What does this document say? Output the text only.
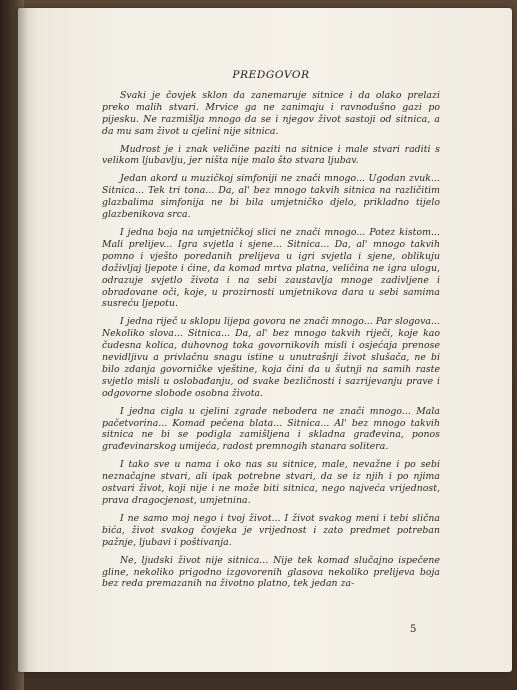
PREDGOVOR

Svaki je čovjek sklon da zanemaruje sitnice i da olako prelazi preko malih stvari. Mrvice ga ne zanimaju i ravnodušno gazi po pijesku. Ne razmišlja mnogo da se i njegov život sastoji od sitnica, a da mu sam život u cjelini nije sitnica.

Mudrost je i znak veličine paziti na sitnice i male stvari raditi s velikom ljubavlju, jer ništa nije malo što stvara ljubav.

Jedan akord u muzičkoj simfoniji ne znači mnogo... Ugodan zvuk... Sitnica... Tek tri tona... Da, al' bez mnogo takvih sitnica na različitim glazbalima simfonija ne bi bila umjetničko djelo, prikladno tijelo glazbenikova srca.

I jedna boja na umjetničkoj slici ne znači mnogo... Potez kistom... Mali prelijev... Igra svjetla i sjene... Sitnica... Da, al' mnogo takvih pomno i vješto poredanih prelijeva u igri svjetla i sjene, oblikuju doživljaj ljepote i ćine, da komad mrtva platna, veličina ne igra ulogu, odrazuje svjetlo života i na sebi zaustavlja mnoge zadivljene i obradovane oči, koje, u prozirnosti umjetnikova dara u sebi samima susreću ljepotu.

I jedna riječ u sklopu lijepa govora ne znači mnogo... Par slogova... Nekoliko slova... Sitnica... Da, al' bez mnogo takvih riječi, koje kao čudesna kolica, duhovnog toka govornikovih misli i osjećaja prenose nevidljivu a privlačnu snagu istine u unutrašnji život slušača, ne bi bilo zdanja govorničke vještine, koja čini da u šutnji na samih raste svjetlo misli u oslobađanju, od svake bezličnosti i sazrijevanju prave i odgovorne slobode osobna života.

I jedna cigla u cjelini zgrade nebodera ne znači mnogo... Mala pačetvorina... Komad pečena blata... Sitnica... Al' bez mnogo takvih sitnica ne bi se podigla zamišljena i skladna građevina, ponos građevinarskog umijeća, radost premnogih stanara solitera.

I tako sve u nama i oko nas su sitnice, male, nevažne i po sebi neznačajne stvari, ali ipak potrebne stvari, da se iz njih i po njima ostvari život, koji nije i ne može biti sitnica, nego najveća vrijednost, prava dragocjenost, umjetnina.

I ne samo moj nego i tvoj život... I život svakog meni i tebi slična bića, život svakog čovjeka je vrijednost i zato predmet potreban pažnje, ljubavi i poštivanja.

Ne, ljudski život nije sitnica... Nije tek komad slučajno ispečene gline, nekoliko prigodno izgovorenih glasova nekoliko prelijeva boja bez reda premazanih na životno platno, tek jedan za-

5
